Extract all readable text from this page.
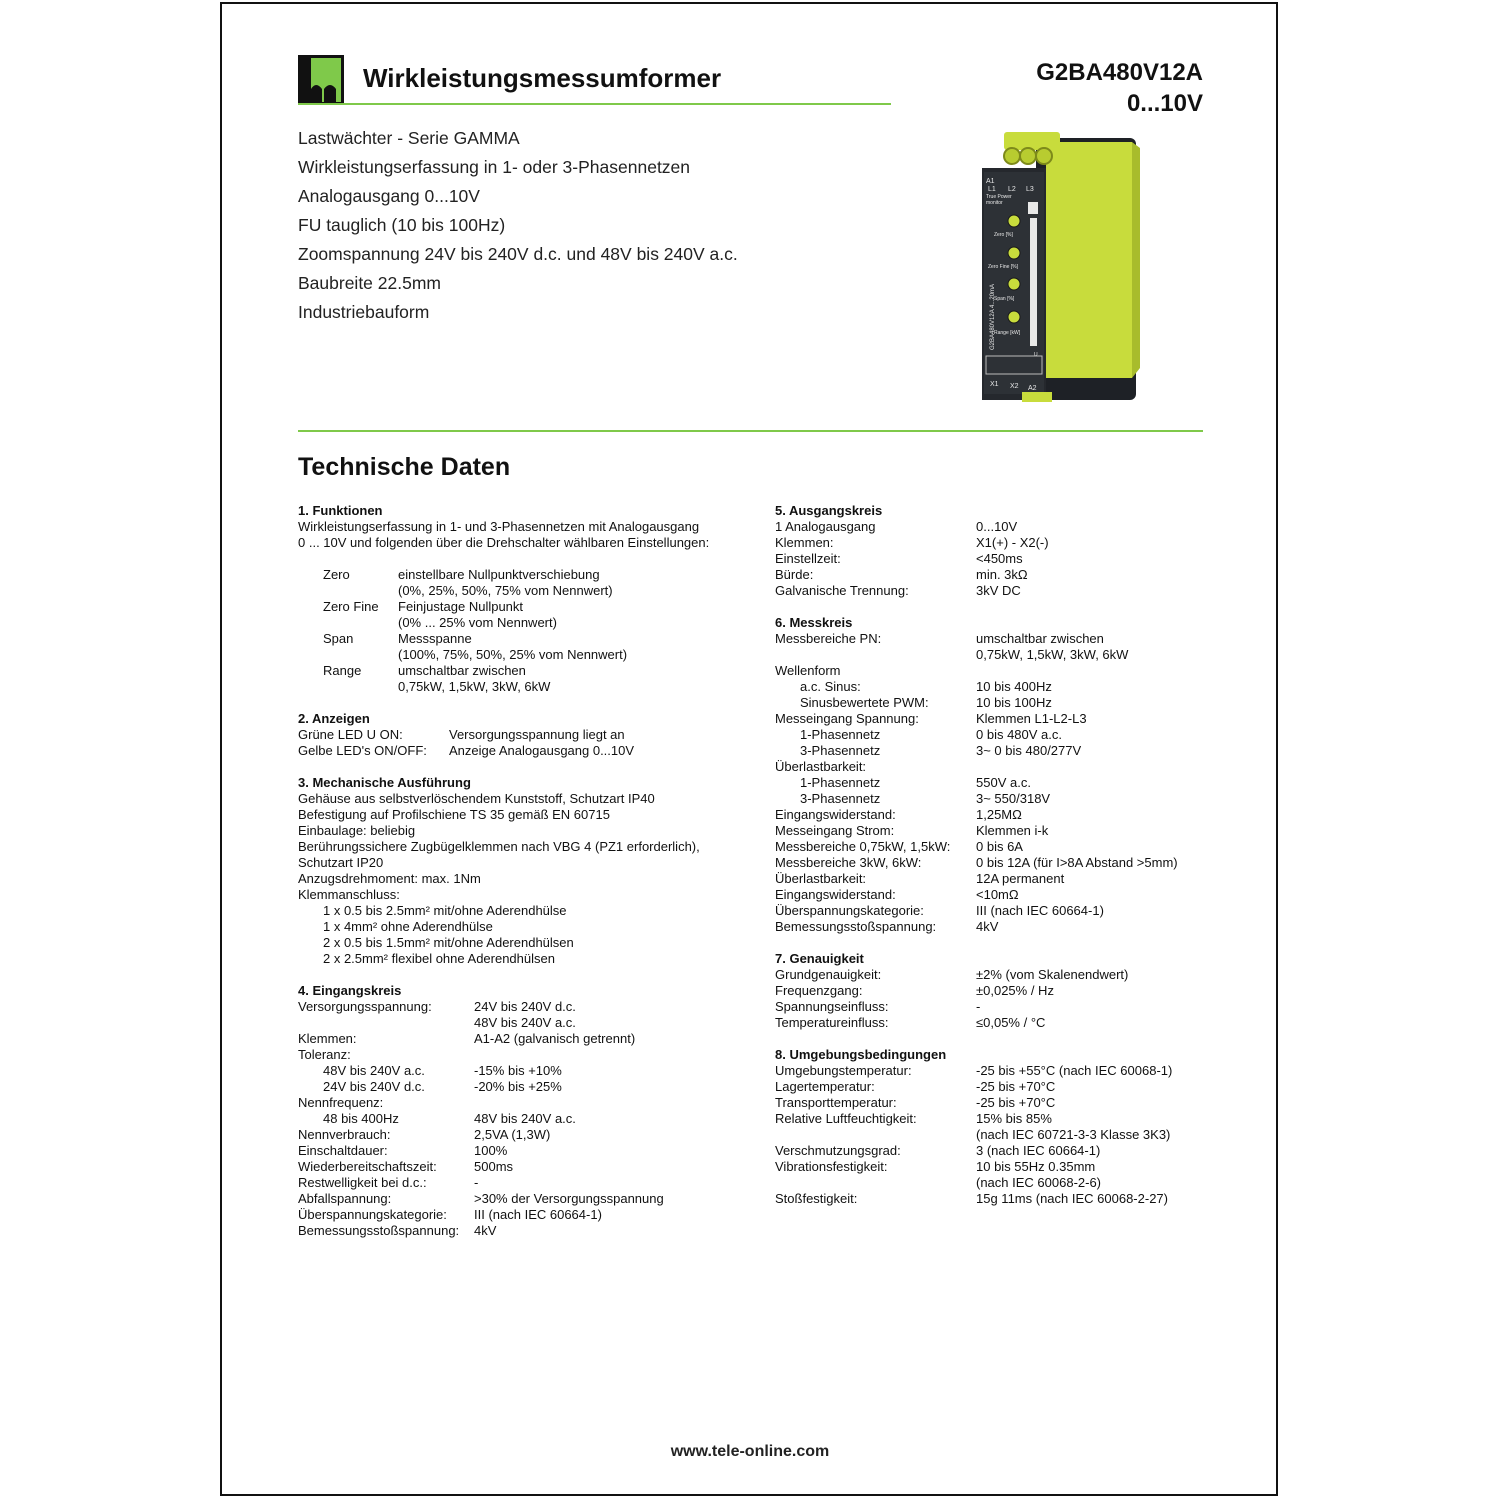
Wirkleistungsmessumformer	G2BA480V12A
0...10V
Lastwächter - Serie GAMMA
Wirkleistungserfassung in 1- oder 3-Phasennetzen
Analogausgang 0...10V
FU tauglich (10 bis 100Hz)
Zoomspannung 24V bis 240V d.c. und 48V bis 240V a.c.
Baubreite 22.5mm
Industriebauform
A1
L1 L2 L3
True Power
monitor
Zero [%]
Zero Fine [%]
Span [%]
Range [kW]
U
G2BA480V12A 4...20mA
X1 X2 A2
Technische Daten
1. Funktionen
Wirkleistungserfassung in 1- und 3-Phasennetzen mit Analogausgang
0 ... 10V und folgenden über die Drehschalter wählbaren Einstellungen:
Zero	einstellbare Nullpunktverschiebung
(0%, 25%, 50%, 75% vom Nennwert)
Zero Fine	Feinjustage Nullpunkt
(0% ... 25% vom Nennwert)
Span	Messspanne
(100%, 75%, 50%, 25% vom Nennwert)
Range	umschaltbar zwischen
0,75kW, 1,5kW, 3kW, 6kW
2. Anzeigen
Grüne LED U ON:	Versorgungsspannung liegt an
Gelbe LED's ON/OFF:	Anzeige Analogausgang 0...10V
3. Mechanische Ausführung
Gehäuse aus selbstverlöschendem Kunststoff, Schutzart IP40
Befestigung auf Profilschiene TS 35 gemäß EN 60715
Einbaulage: beliebig
Berührungssichere Zugbügelklemmen nach VBG 4 (PZ1 erforderlich),
Schutzart IP20
Anzugsdrehmoment: max. 1Nm
Klemmanschluss:
1 x 0.5 bis 2.5mm² mit/ohne Aderendhülse
1 x 4mm² ohne Aderendhülse
2 x 0.5 bis 1.5mm² mit/ohne Aderendhülsen
2 x 2.5mm² flexibel ohne Aderendhülsen
4. Eingangskreis
Versorgungsspannung:	24V bis 240V d.c.
48V bis 240V a.c.
Klemmen:	A1-A2 (galvanisch getrennt)
Toleranz:
48V bis 240V a.c.	-15% bis +10%
24V bis 240V d.c.	-20% bis +25%
Nennfrequenz:
48 bis 400Hz	48V bis 240V a.c.
Nennverbrauch:	2,5VA (1,3W)
Einschaltdauer:	100%
Wiederbereitschaftszeit:	500ms
Restwelligkeit bei d.c.:	-
Abfallspannung:	>30% der Versorgungsspannung
Überspannungskategorie:	III (nach IEC 60664-1)
Bemessungsstoßspannung:	4kV
5. Ausgangskreis
1 Analogausgang	0...10V
Klemmen:	X1(+) - X2(-)
Einstellzeit:	<450ms
Bürde:	min. 3kΩ
Galvanische Trennung:	3kV DC
6. Messkreis
Messbereiche PN:	umschaltbar zwischen
0,75kW, 1,5kW, 3kW, 6kW
Wellenform
a.c. Sinus:	10 bis 400Hz
Sinusbewertete PWM:	10 bis 100Hz
Messeingang Spannung:	Klemmen L1-L2-L3
1-Phasennetz	0 bis 480V a.c.
3-Phasennetz	3~ 0 bis 480/277V
Überlastbarkeit:
1-Phasennetz	550V a.c.
3-Phasennetz	3~ 550/318V
Eingangswiderstand:	1,25MΩ
Messeingang Strom:	Klemmen i-k
Messbereiche 0,75kW, 1,5kW:	0 bis 6A
Messbereiche 3kW, 6kW:	0 bis 12A (für I>8A Abstand >5mm)
Überlastbarkeit:	12A permanent
Eingangswiderstand:	<10mΩ
Überspannungskategorie:	III (nach IEC 60664-1)
Bemessungsstoßspannung:	4kV
7. Genauigkeit
Grundgenauigkeit:	±2% (vom Skalenendwert)
Frequenzgang:	±0,025% / Hz
Spannungseinfluss:	-
Temperatureinfluss:	≤0,05% / °C
8. Umgebungsbedingungen
Umgebungstemperatur:	-25 bis +55°C (nach IEC 60068-1)
Lagertemperatur:	-25 bis +70°C
Transporttemperatur:	-25 bis +70°C
Relative Luftfeuchtigkeit:	15% bis 85%
(nach IEC 60721-3-3 Klasse 3K3)
Verschmutzungsgrad:	3 (nach IEC 60664-1)
Vibrationsfestigkeit:	10 bis 55Hz 0.35mm
(nach IEC 60068-2-6)
Stoßfestigkeit:	15g 11ms (nach IEC 60068-2-27)
www.tele-online.com
